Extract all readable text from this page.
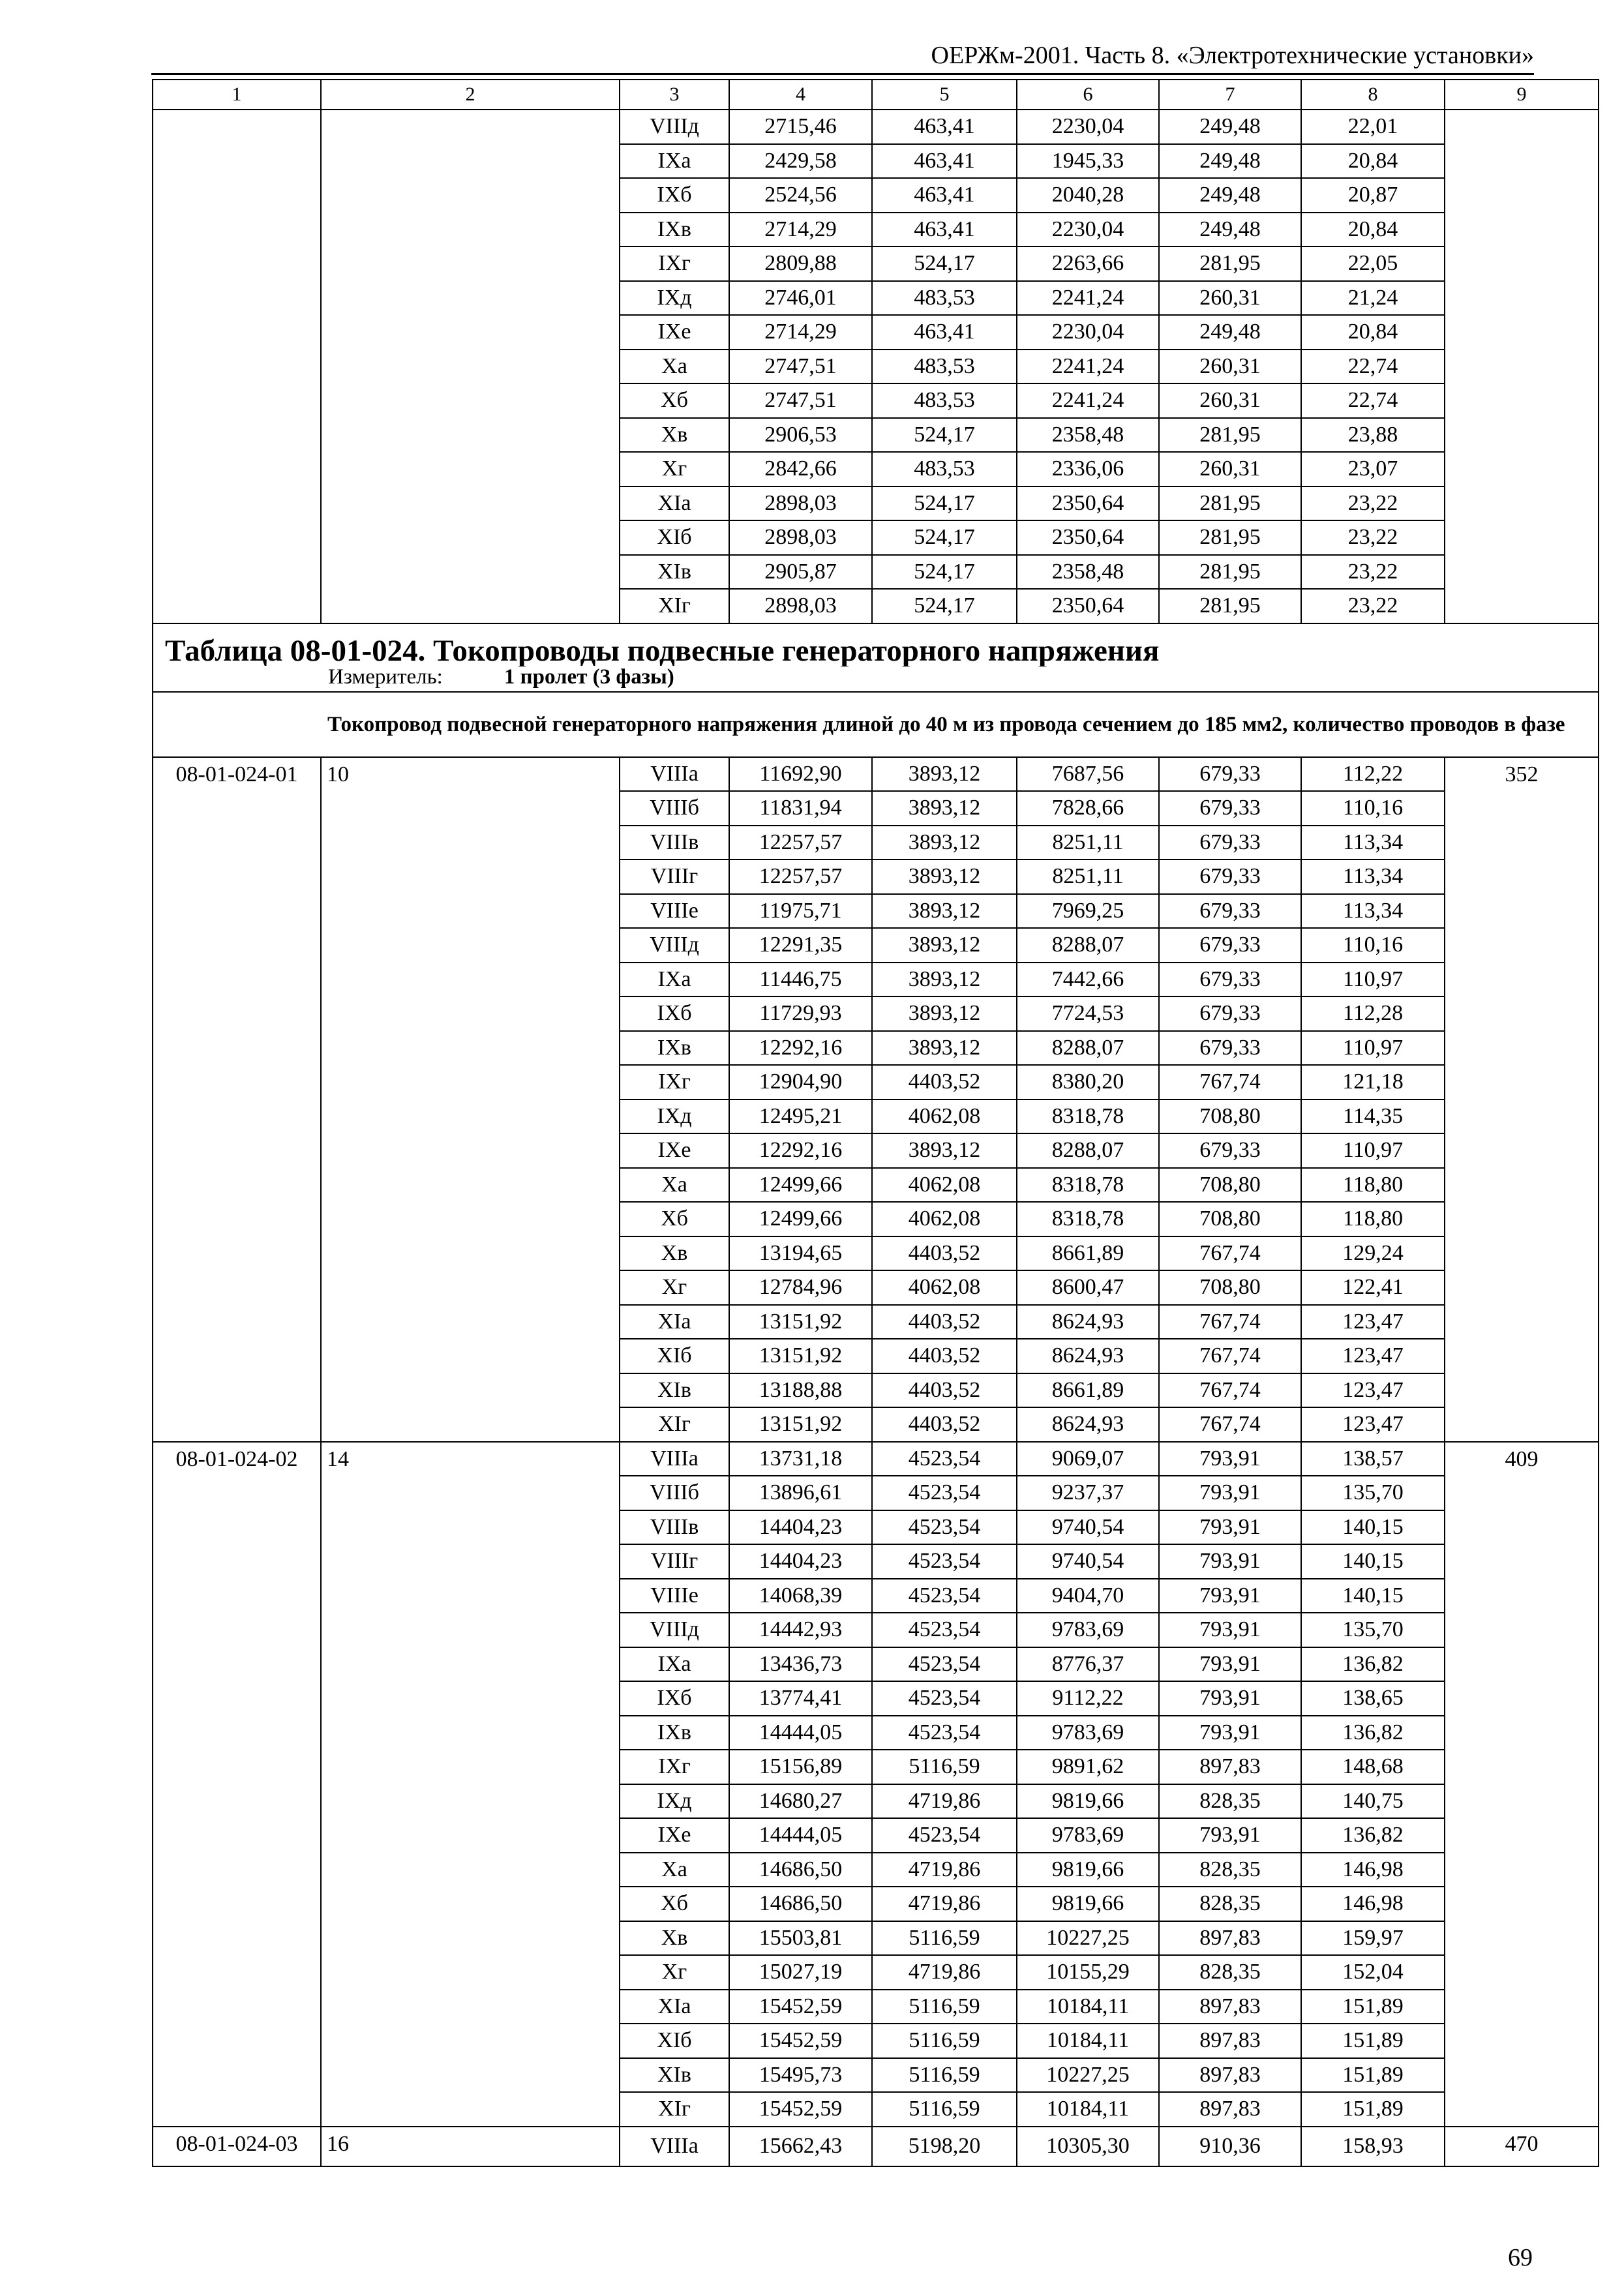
ОЕРЖм-2001. Часть 8. «Электротехнические установки»
1	2	3	4	5	6	7	8	9
		VIIIд	2715,46	463,41	2230,04	249,48	22,01	
		IXа	2429,58	463,41	1945,33	249,48	20,84	
		IXб	2524,56	463,41	2040,28	249,48	20,87	
		IXв	2714,29	463,41	2230,04	249,48	20,84	
		IXг	2809,88	524,17	2263,66	281,95	22,05	
		IXд	2746,01	483,53	2241,24	260,31	21,24	
		IXе	2714,29	463,41	2230,04	249,48	20,84	
		Xа	2747,51	483,53	2241,24	260,31	22,74	
		Xб	2747,51	483,53	2241,24	260,31	22,74	
		Xв	2906,53	524,17	2358,48	281,95	23,88	
		Xг	2842,66	483,53	2336,06	260,31	23,07	
		XIа	2898,03	524,17	2350,64	281,95	23,22	
		XIб	2898,03	524,17	2350,64	281,95	23,22	
		XIв	2905,87	524,17	2358,48	281,95	23,22	
		XIг	2898,03	524,17	2350,64	281,95	23,22	
Таблица 08-01-024. Токопроводы подвесные генераторного напряжения								
Измеритель: 1 пролет (3 фазы)								
Токопровод подвесной генераторного напряжения длиной до 40 м из провода сечением до 185 мм2, количество проводов в фазе								
08-01-024-01	10	VIIIа	11692,90	3893,12	7687,56	679,33	112,22	352
		VIIIб	11831,94	3893,12	7828,66	679,33	110,16	
		VIIIв	12257,57	3893,12	8251,11	679,33	113,34	
		VIIIг	12257,57	3893,12	8251,11	679,33	113,34	
		VIIIе	11975,71	3893,12	7969,25	679,33	113,34	
		VIIIд	12291,35	3893,12	8288,07	679,33	110,16	
		IXа	11446,75	3893,12	7442,66	679,33	110,97	
		IXб	11729,93	3893,12	7724,53	679,33	112,28	
		IXв	12292,16	3893,12	8288,07	679,33	110,97	
		IXг	12904,90	4403,52	8380,20	767,74	121,18	
		IXд	12495,21	4062,08	8318,78	708,80	114,35	
		IXе	12292,16	3893,12	8288,07	679,33	110,97	
		Xа	12499,66	4062,08	8318,78	708,80	118,80	
		Xб	12499,66	4062,08	8318,78	708,80	118,80	
		Xв	13194,65	4403,52	8661,89	767,74	129,24	
		Xг	12784,96	4062,08	8600,47	708,80	122,41	
		XIа	13151,92	4403,52	8624,93	767,74	123,47	
		XIб	13151,92	4403,52	8624,93	767,74	123,47	
		XIв	13188,88	4403,52	8661,89	767,74	123,47	
		XIг	13151,92	4403,52	8624,93	767,74	123,47	
08-01-024-02	14	VIIIа	13731,18	4523,54	9069,07	793,91	138,57	409
		VIIIб	13896,61	4523,54	9237,37	793,91	135,70	
		VIIIв	14404,23	4523,54	9740,54	793,91	140,15	
		VIIIг	14404,23	4523,54	9740,54	793,91	140,15	
		VIIIе	14068,39	4523,54	9404,70	793,91	140,15	
		VIIIд	14442,93	4523,54	9783,69	793,91	135,70	
		IXа	13436,73	4523,54	8776,37	793,91	136,82	
		IXб	13774,41	4523,54	9112,22	793,91	138,65	
		IXв	14444,05	4523,54	9783,69	793,91	136,82	
		IXг	15156,89	5116,59	9891,62	897,83	148,68	
		IXд	14680,27	4719,86	9819,66	828,35	140,75	
		IXе	14444,05	4523,54	9783,69	793,91	136,82	
		Xа	14686,50	4719,86	9819,66	828,35	146,98	
		Xб	14686,50	4719,86	9819,66	828,35	146,98	
		Xв	15503,81	5116,59	10227,25	897,83	159,97	
		Xг	15027,19	4719,86	10155,29	828,35	152,04	
		XIа	15452,59	5116,59	10184,11	897,83	151,89	
		XIб	15452,59	5116,59	10184,11	897,83	151,89	
		XIв	15495,73	5116,59	10227,25	897,83	151,89	
		XIг	15452,59	5116,59	10184,11	897,83	151,89	
08-01-024-03	16	VIIIа	15662,43	5198,20	10305,30	910,36	158,93	470
69
